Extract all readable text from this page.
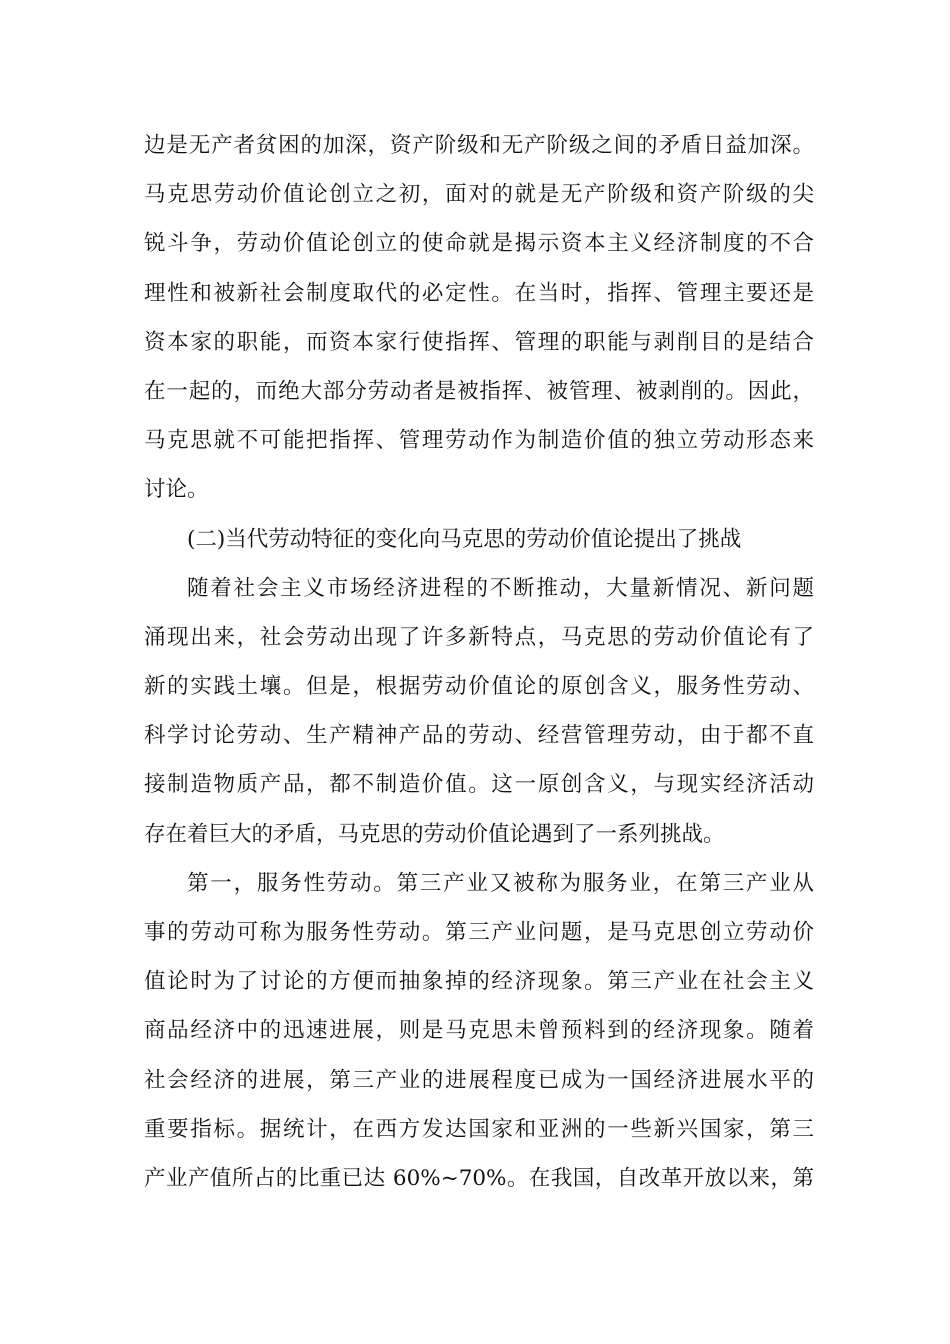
边是无产者贫困的加深，资产阶级和无产阶级之间的矛盾日益加深。
马克思劳动价值论创立之初，面对的就是无产阶级和资产阶级的尖
锐斗争，劳动价值论创立的使命就是揭示资本主义经济制度的不合
理性和被新社会制度取代的必定性。在当时，指挥、管理主要还是
资本家的职能，而资本家行使指挥、管理的职能与剥削目的是结合
在一起的，而绝大部分劳动者是被指挥、被管理、被剥削的。因此，
马克思就不可能把指挥、管理劳动作为制造价值的独立劳动形态来
讨论。
(二)当代劳动特征的变化向马克思的劳动价值论提出了挑战
随着社会主义市场经济进程的不断推动，大量新情况、新问题
涌现出来，社会劳动出现了许多新特点，马克思的劳动价值论有了
新的实践土壤。但是，根据劳动价值论的原创含义，服务性劳动、
科学讨论劳动、生产精神产品的劳动、经营管理劳动，由于都不直
接制造物质产品，都不制造价值。这一原创含义，与现实经济活动
存在着巨大的矛盾，马克思的劳动价值论遇到了一系列挑战。
第一，服务性劳动。第三产业又被称为服务业，在第三产业从
事的劳动可称为服务性劳动。第三产业问题，是马克思创立劳动价
值论时为了讨论的方便而抽象掉的经济现象。第三产业在社会主义
商品经济中的迅速进展，则是马克思未曾预料到的经济现象。随着
社会经济的进展，第三产业的进展程度已成为一国经济进展水平的
重要指标。据统计，在西方发达国家和亚洲的一些新兴国家，第三
产业产值所占的比重已达 60%~70%。在我国，自改革开放以来，第
